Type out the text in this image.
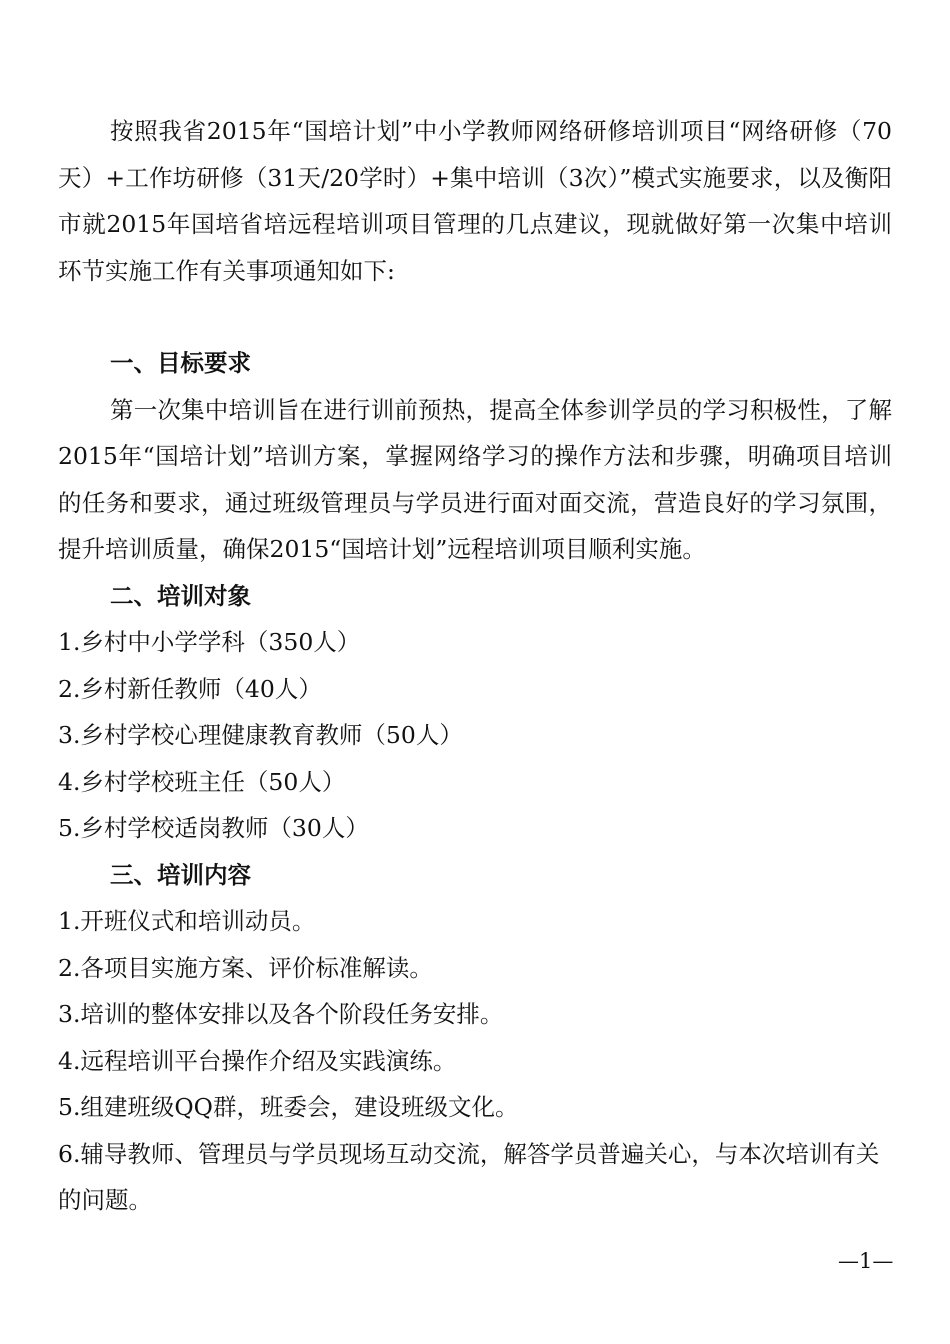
按照我省2015年“国培计划”中小学教师网络研修培训项目“网络研修（70天）+工作坊研修（31天/20学时）+集中培训（3次）”模式实施要求，以及衡阳市就2015年国培省培远程培训项目管理的几点建议，现就做好第一次集中培训环节实施工作有关事项通知如下:

一、目标要求

第一次集中培训旨在进行训前预热，提高全体参训学员的学习积极性，了解2015年“国培计划”培训方案，掌握网络学习的操作方法和步骤，明确项目培训的任务和要求，通过班级管理员与学员进行面对面交流，营造良好的学习氛围，提升培训质量，确保2015“国培计划”远程培训项目顺利实施。

二、培训对象

1.乡村中小学学科（350人）

2.乡村新任教师（40人）

3.乡村学校心理健康教育教师（50人）

4.乡村学校班主任（50人）

5.乡村学校适岗教师（30人）

三、培训内容

1.开班仪式和培训动员。

2.各项目实施方案、评价标准解读。

3.培训的整体安排以及各个阶段任务安排。

4.远程培训平台操作介绍及实践演练。

5.组建班级QQ群，班委会，建设班级文化。

6.辅导教师、管理员与学员现场互动交流，解答学员普遍关心，与本次培训有关的问题。

—1—
